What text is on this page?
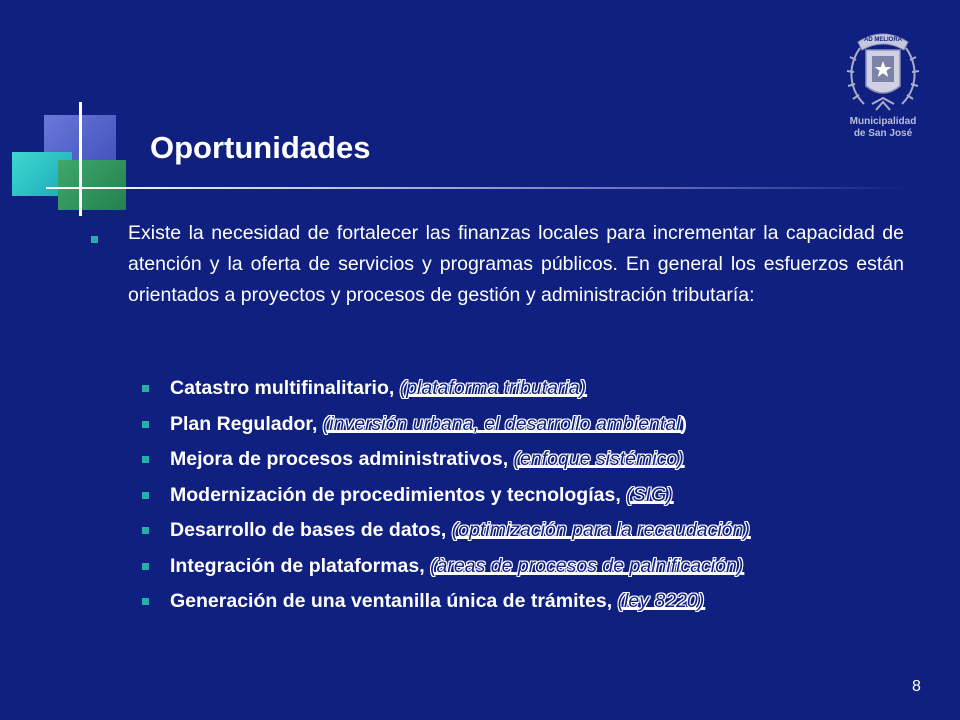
Oportunidades
AD MELIORA
Municipalidad
de San José

Existe la necesidad de fortalecer las finanzas locales para incrementar la capacidad de atención y la oferta de servicios y programas públicos. En general los esfuerzos están orientados a proyectos y procesos de gestión y administración tributaría:

Catastro multifinalitario, (plataforma tributaria)
Plan Regulador, (inversión urbana, el desarrollo ambiental)
Mejora de procesos administrativos, (enfoque sistémico)
Modernización de procedimientos y tecnologías, (SIG)
Desarrollo de bases de datos, (optimización para la recaudación)
Integración de plataformas, (àreas de procesos de palnificación)
Generación de una ventanilla única de trámites, (ley 8220)
8
